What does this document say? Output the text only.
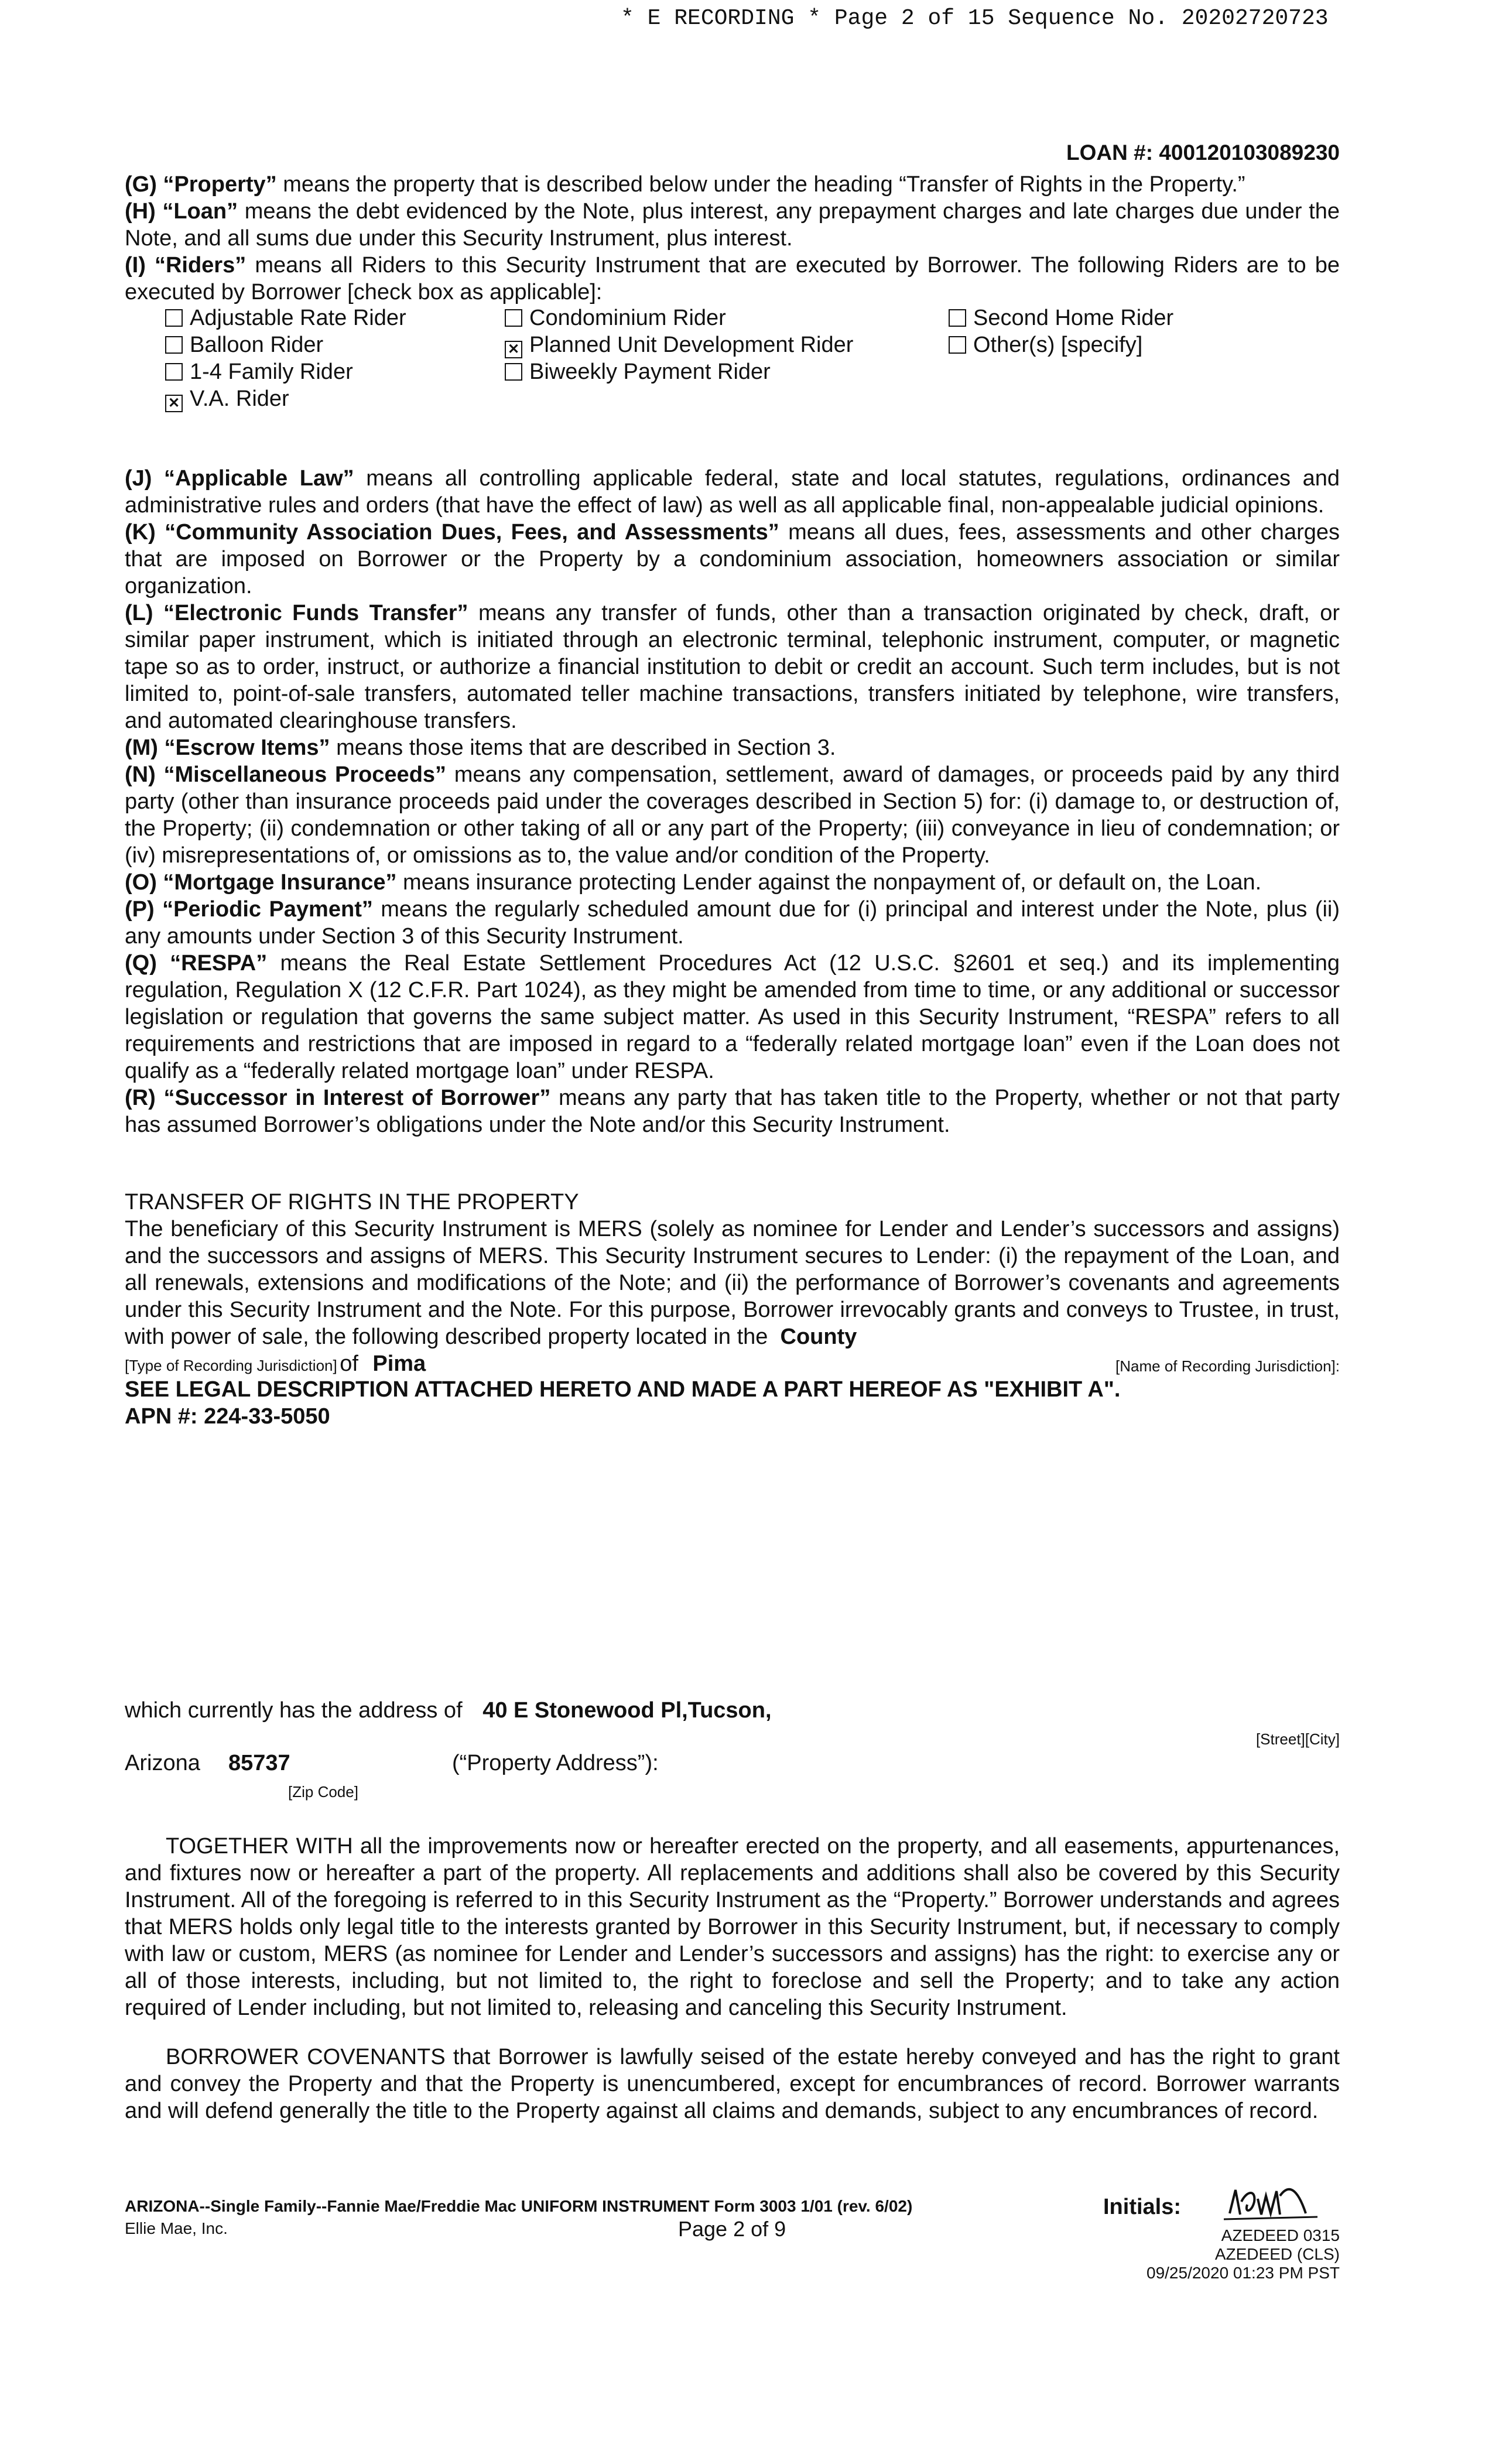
* E RECORDING * Page 2 of 15 Sequence No. 20202720723
LOAN #: 400120103089230

(G) “Property” means the property that is described below under the heading “Transfer of Rights in the Property.”

(H) “Loan” means the debt evidenced by the Note, plus interest, any prepayment charges and late charges due under the Note, and all sums due under this Security Instrument, plus interest.

(I) “Riders” means all Riders to this Security Instrument that are executed by Borrower. The following Riders are to be executed by Borrower [check box as applicable]:

Adjustable Rate Rider	Condominium Rider	Second Home Rider
Balloon Rider	✕ Planned Unit Development Rider	Other(s) [specify]
1-4 Family Rider	Biweekly Payment Rider
✕ V.A. Rider

(J) “Applicable Law” means all controlling applicable federal, state and local statutes, regulations, ordinances and administrative rules and orders (that have the effect of law) as well as all applicable final, non-appealable judicial opinions.

(K) “Community Association Dues, Fees, and Assessments” means all dues, fees, assessments and other charges that are imposed on Borrower or the Property by a condominium association, homeowners association or similar organization.

(L) “Electronic Funds Transfer” means any transfer of funds, other than a transaction originated by check, draft, or similar paper instrument, which is initiated through an electronic terminal, telephonic instrument, computer, or magnetic tape so as to order, instruct, or authorize a financial institution to debit or credit an account. Such term includes, but is not limited to, point-of-sale transfers, automated teller machine transactions, transfers initiated by telephone, wire transfers, and automated clearinghouse transfers.

(M) “Escrow Items” means those items that are described in Section 3.

(N) “Miscellaneous Proceeds” means any compensation, settlement, award of damages, or proceeds paid by any third party (other than insurance proceeds paid under the coverages described in Section 5) for: (i) damage to, or destruction of, the Property; (ii) condemnation or other taking of all or any part of the Property; (iii) conveyance in lieu of condemnation; or (iv) misrepresentations of, or omissions as to, the value and/or condition of the Property.

(O) “Mortgage Insurance” means insurance protecting Lender against the nonpayment of, or default on, the Loan.

(P) “Periodic Payment” means the regularly scheduled amount due for (i) principal and interest under the Note, plus (ii) any amounts under Section 3 of this Security Instrument.

(Q) “RESPA” means the Real Estate Settlement Procedures Act (12 U.S.C. §2601 et seq.) and its implementing regulation, Regulation X (12 C.F.R. Part 1024), as they might be amended from time to time, or any additional or successor legislation or regulation that governs the same subject matter. As used in this Security Instrument, “RESPA” refers to all requirements and restrictions that are imposed in regard to a “federally related mortgage loan” even if the Loan does not qualify as a “federally related mortgage loan” under RESPA.

(R) “Successor in Interest of Borrower” means any party that has taken title to the Property, whether or not that party has assumed Borrower’s obligations under the Note and/or this Security Instrument.

TRANSFER OF RIGHTS IN THE PROPERTY

The beneficiary of this Security Instrument is MERS (solely as nominee for Lender and Lender’s successors and assigns) and the successors and assigns of MERS. This Security Instrument secures to Lender: (i) the repayment of the Loan, and all renewals, extensions and modifications of the Note; and (ii) the performance of Borrower’s covenants and agreements under this Security Instrument and the Note. For this purpose, Borrower irrevocably grants and conveys to Trustee, in trust, with power of sale, the following described property located in the County

[Type of Recording Jurisdiction] of Pima	[Name of Recording Jurisdiction]:
SEE LEGAL DESCRIPTION ATTACHED HERETO AND MADE A PART HEREOF AS "EXHIBIT A".
APN #: 224-33-5050
which currently has the address of 40 E Stonewood Pl,Tucson,
[Street][City]
Arizona 85737	(“Property Address”):
[Zip Code]
TOGETHER WITH all the improvements now or hereafter erected on the property, and all easements, appurtenances, and fixtures now or hereafter a part of the property. All replacements and additions shall also be covered by this Security Instrument. All of the foregoing is referred to in this Security Instrument as the “Property.” Borrower understands and agrees that MERS holds only legal title to the interests granted by Borrower in this Security Instrument, but, if necessary to comply with law or custom, MERS (as nominee for Lender and Lender’s successors and assigns) has the right: to exercise any or all of those interests, including, but not limited to, the right to foreclose and sell the Property; and to take any action required of Lender including, but not limited to, releasing and canceling this Security Instrument.
BORROWER COVENANTS that Borrower is lawfully seised of the estate hereby conveyed and has the right to grant and convey the Property and that the Property is unencumbered, except for encumbrances of record. Borrower warrants and will defend generally the title to the Property against all claims and demands, subject to any encumbrances of record.
ARIZONA--Single Family--Fannie Mae/Freddie Mac UNIFORM INSTRUMENT Form 3003 1/01 (rev. 6/02)
Ellie Mae, Inc.	Page 2 of 9
Initials:
AZEDEED 0315
AZEDEED (CLS)
09/25/2020 01:23 PM PST
